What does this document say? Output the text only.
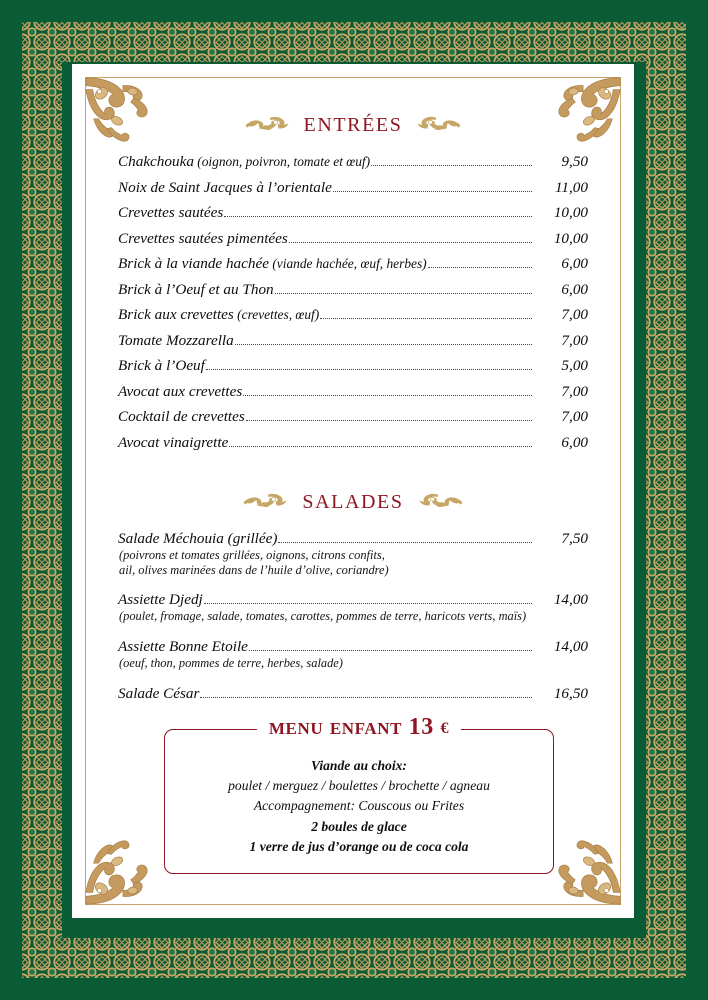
entrées
Chakchouka (oignon, poivron, tomate et œuf)	9,50
Noix de Saint Jacques à l’orientale	11,00
Crevettes sautées	10,00
Crevettes sautées pimentées	10,00
Brick à la viande hachée (viande hachée, œuf, herbes)	6,00
Brick à l’Oeuf et au Thon	6,00
Brick aux crevettes (crevettes, œuf)	7,00
Tomate Mozzarella	7,00
Brick à l’Oeuf	5,00
Avocat aux crevettes	7,00
Cocktail de crevettes	7,00
Avocat vinaigrette	6,00
salades
Salade Méchouia (grillée)	7,50
(poivrons et tomates grillées, oignons, citrons confits,
ail, olives marinées dans de l’huile d’olive, coriandre)
Assiette Djedj	14,00
(poulet, fromage, salade, tomates, carottes, pommes de terre, haricots verts, maïs)
Assiette Bonne Etoile	14,00
(oeuf, thon, pommes de terre, herbes, salade)
Salade César	16,50
menu enfant 13 €
Viande au choix:
poulet / merguez / boulettes / brochette / agneau
Accompagnement: Couscous ou Frites
2 boules de glace
1 verre de jus d’orange ou de coca cola
